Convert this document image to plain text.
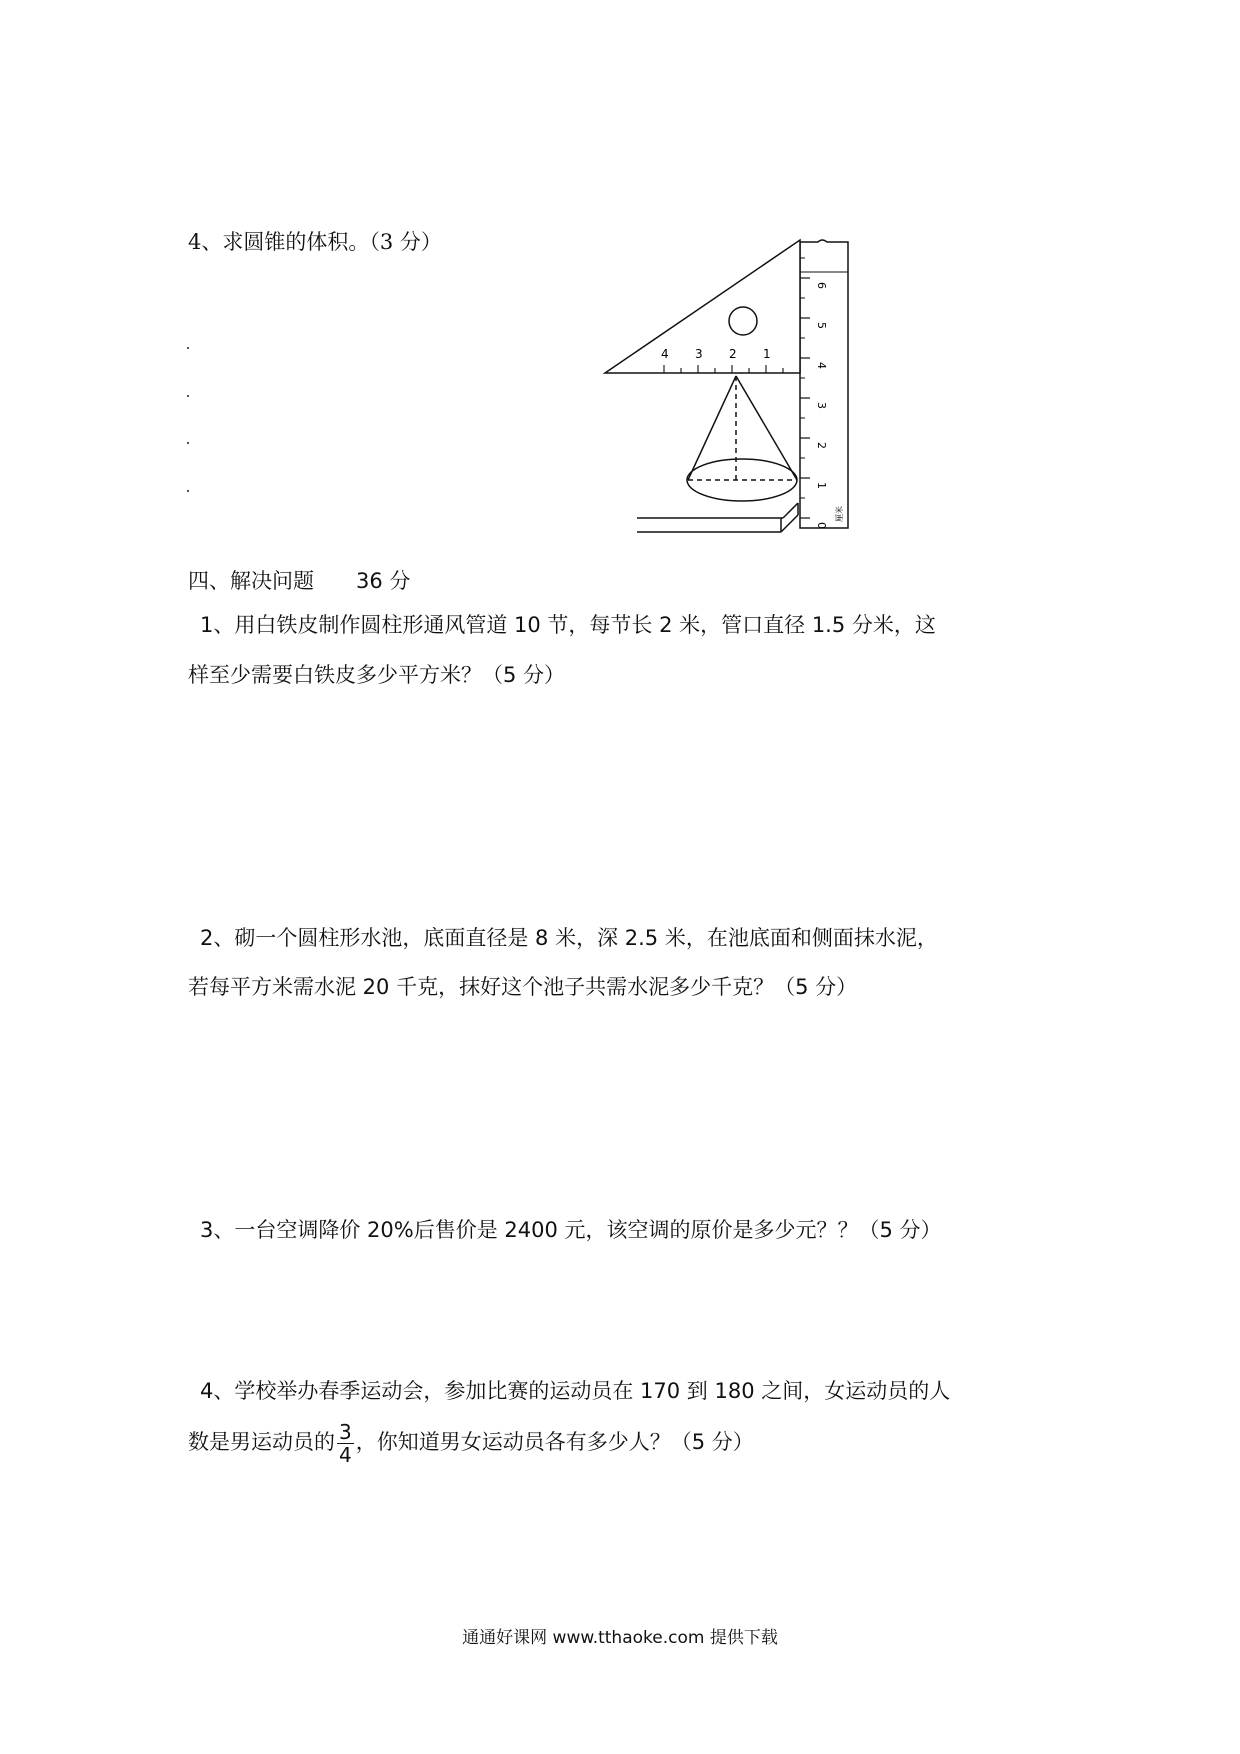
4、求圆锥的体积。（3 分）
0
1
2
3
4
5
6
厘米
4 3 2 1
四、解决问题 36 分
1、用白铁皮制作圆柱形通风管道 10 节，每节长 2 米，管口直径 1.5 分米，这
样至少需要白铁皮多少平方米？（5 分）
2、砌一个圆柱形水池，底面直径是 8 米，深 2.5 米，在池底面和侧面抹水泥，
若每平方米需水泥 20 千克，抹好这个池子共需水泥多少千克？（5 分）
3、一台空调降价 20%后售价是 2400 元，该空调的原价是多少元？？（5 分）
4、学校举办春季运动会，参加比赛的运动员在 170 到 180 之间，女运动员的人
数是男运动员的 $\frac{3}{4}$ ，你知道男女运动员各有多少人？（5 分）
通通好课网 www.tthaoke.com 提供下载
